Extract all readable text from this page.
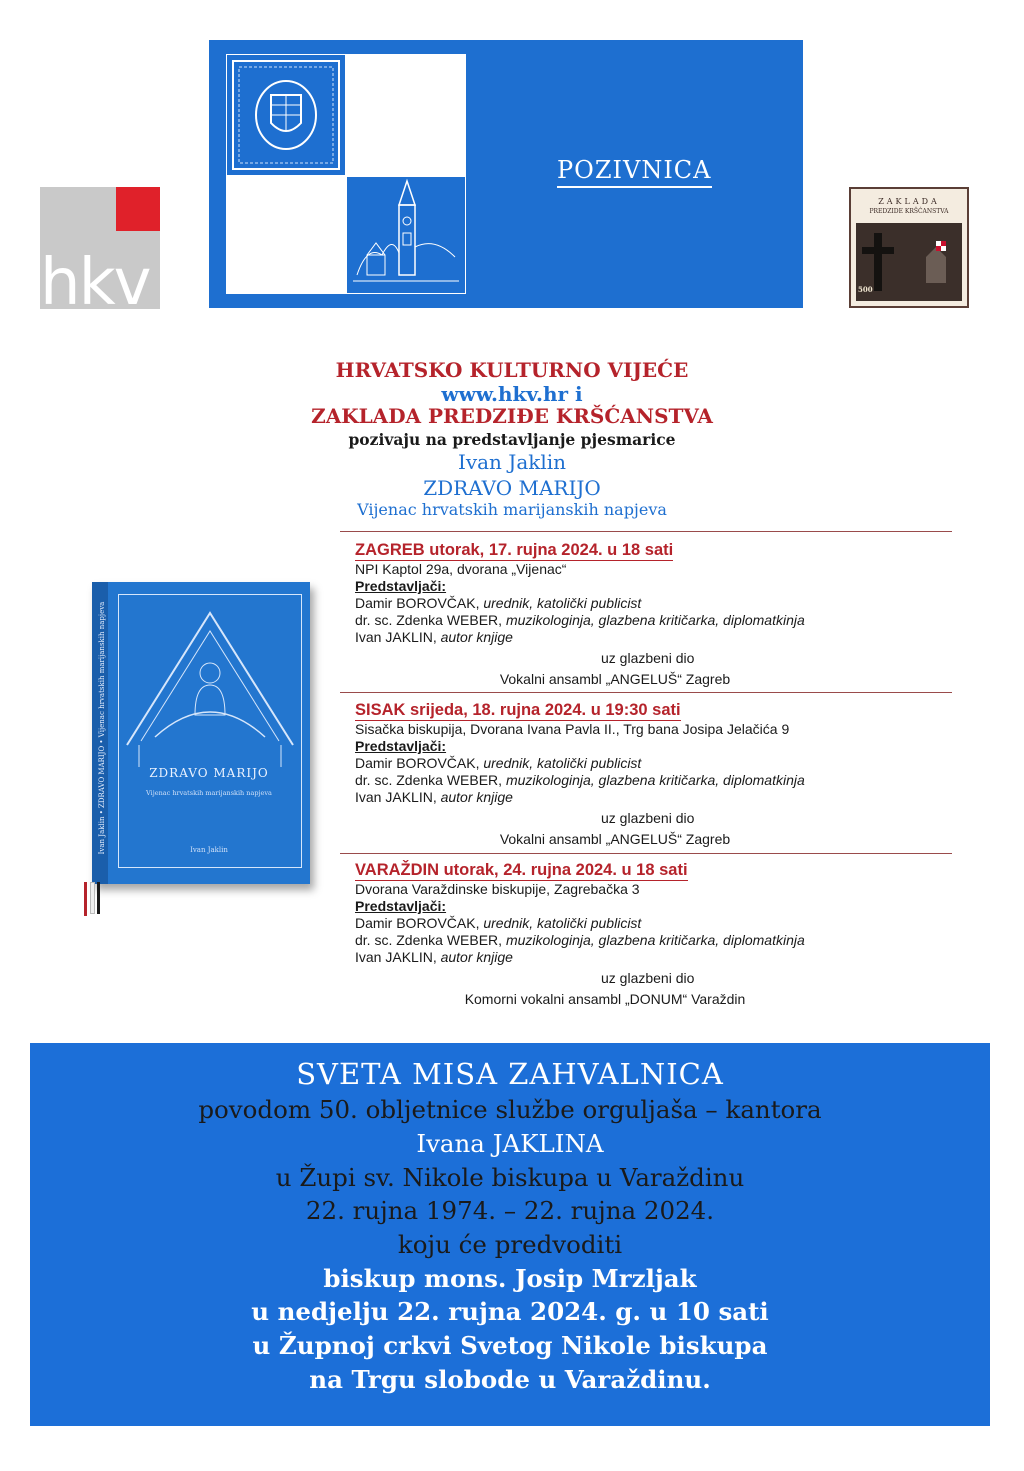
hkv
POZIVNICA
ZAKLADA
PREDZIDE KRŠĆANSTVA
500
HRVATSKO KULTURNO VIJEĆE
www.hkv.hr i
ZAKLADA PREDZIĐE KRŠĆANSTVA
pozivaju na predstavljanje pjesmarice
Ivan Jaklin
ZDRAVO MARIJO
Vijenac hrvatskih marijanskih napjeva
Ivan Jaklin • ZDRAVO MARIJO • Vijenac hrvatskih marijanskih napjeva	ZDRAVO MARIJO
Vijenac hrvatskih marijanskih napjeva
Ivan Jaklin
ZAGREB utorak, 17. rujna 2024. u 18 sati
NPI Kaptol 29a, dvorana „Vijenac“
Predstavljači:
Damir BOROVČAK, urednik, katolički publicist
dr. sc. Zdenka WEBER, muzikologinja, glazbena kritičarka, diplomatkinja
Ivan JAKLIN, autor knjige
uz glazbeni dio
Vokalni ansambl „ANGELUŠ“ Zagreb
SISAK srijeda, 18. rujna 2024. u 19:30 sati
Sisačka biskupija, Dvorana Ivana Pavla II., Trg bana Josipa Jelačića 9
Predstavljači:
Damir BOROVČAK, urednik, katolički publicist
dr. sc. Zdenka WEBER, muzikologinja, glazbena kritičarka, diplomatkinja
Ivan JAKLIN, autor knjige
uz glazbeni dio
Vokalni ansambl „ANGELUŠ“ Zagreb
VARAŽDIN utorak, 24. rujna 2024. u 18 sati
Dvorana Varaždinske biskupije, Zagrebačka 3
Predstavljači:
Damir BOROVČAK, urednik, katolički publicist
dr. sc. Zdenka WEBER, muzikologinja, glazbena kritičarka, diplomatkinja
Ivan JAKLIN, autor knjige
uz glazbeni dio
Komorni vokalni ansambl „DONUM“ Varaždin
SVETA MISA ZAHVALNICA
povodom 50. obljetnice službe orguljaša – kantora
Ivana JAKLINA
u Župi sv. Nikole biskupa u Varaždinu
22. rujna 1974. – 22. rujna 2024.
koju će predvoditi
biskup mons. Josip Mrzljak
u nedjelju 22. rujna 2024. g. u 10 sati
u Župnoj crkvi Svetog Nikole biskupa
na Trgu slobode u Varaždinu.
